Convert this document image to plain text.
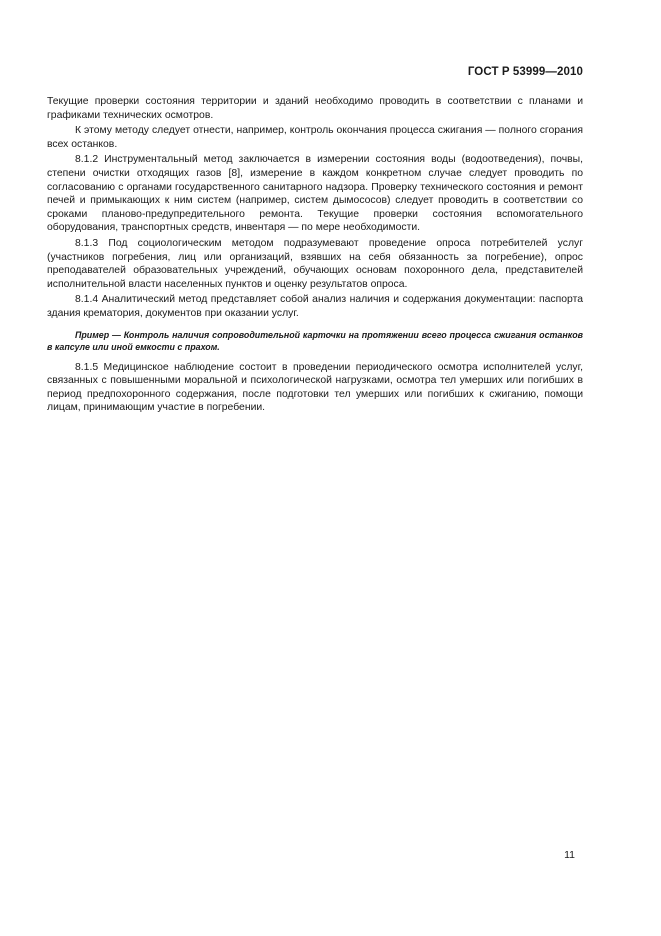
ГОСТ Р 53999—2010

Текущие проверки состояния территории и зданий необходимо проводить в соответствии с планами и графиками технических осмотров.

К этому методу следует отнести, например, контроль окончания процесса сжигания — полного сгорания всех останков.

8.1.2 Инструментальный метод заключается в измерении состояния воды (водоотведения), почвы, степени очистки отходящих газов [8], измерение в каждом конкретном случае следует проводить по согласованию с органами государственного санитарного надзора. Проверку технического состояния и ремонт печей и примыкающих к ним систем (например, систем дымососов) следует проводить в соответствии со сроками планово-предупредительного ремонта. Текущие проверки состояния вспомогательного оборудования, транспортных средств, инвентаря — по мере необходимости.

8.1.3 Под социологическим методом подразумевают проведение опроса потребителей услуг (участников погребения, лиц или организаций, взявших на себя обязанность за погребение), опрос преподавателей образовательных учреждений, обучающих основам похоронного дела, представителей исполнительной власти населенных пунктов и оценку результатов опроса.

8.1.4 Аналитический метод представляет собой анализ наличия и содержания документации: паспорта здания крематория, документов при оказании услуг.

Пример — Контроль наличия сопроводительной карточки на протяжении всего процесса сжигания останков в капсуле или иной емкости с прахом.

8.1.5 Медицинское наблюдение состоит в проведении периодического осмотра исполнителей услуг, связанных с повышенными моральной и психологической нагрузками, осмотра тел умерших или погибших в период предпохоронного содержания, после подготовки тел умерших или погибших к сжиганию, помощи лицам, принимающим участие в погребении.

11
